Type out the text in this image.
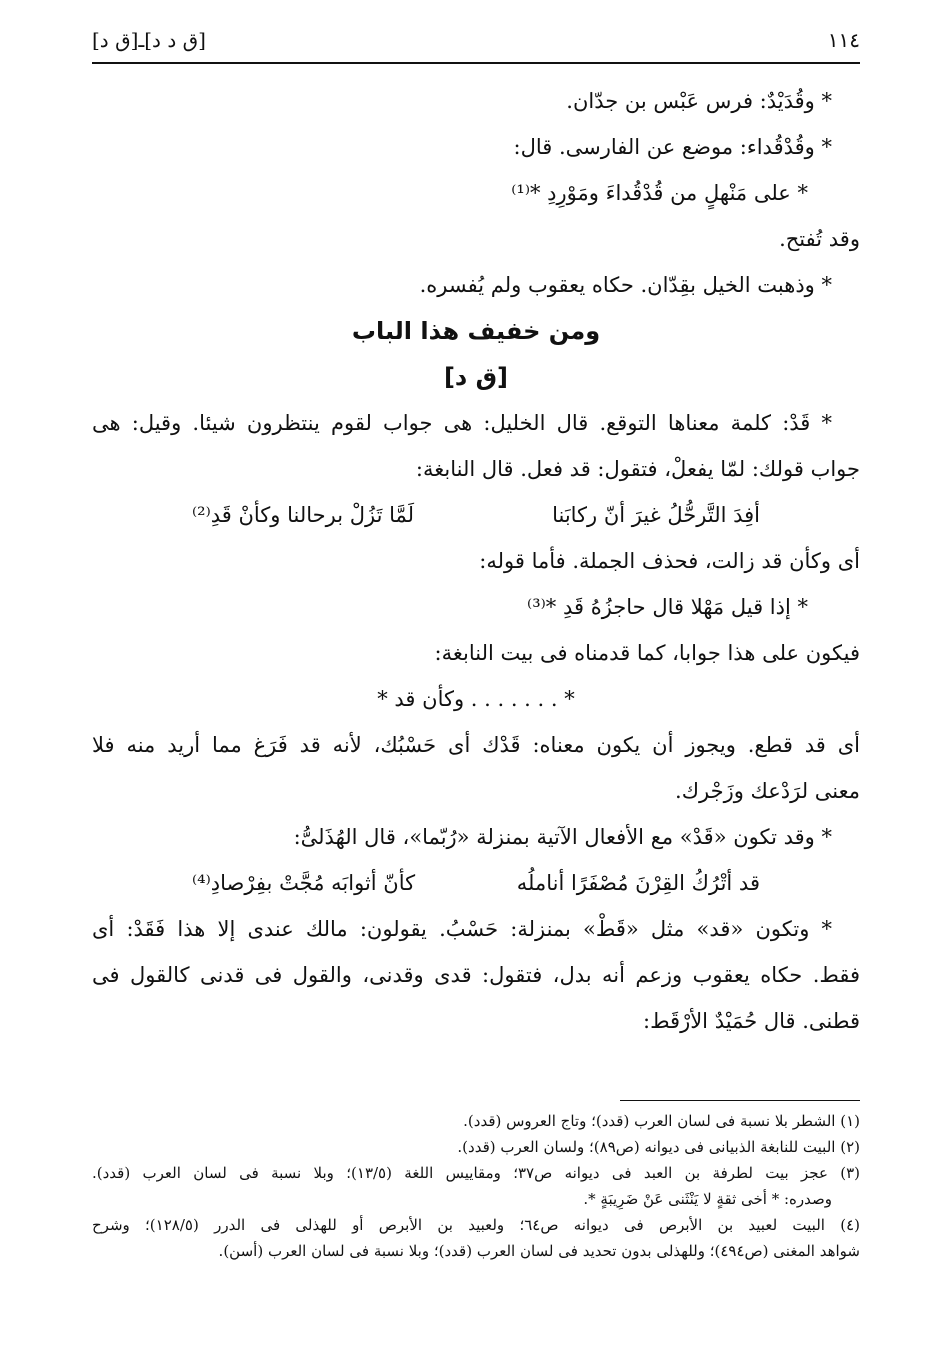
١١٤
[ق د د]ـ[ق د]
* وقُدَيْدٌ: فرس عَبْس بن جدّان.
* وقُدْقُداء: موضع عن الفارسى. قال:
* على مَنْهلٍ من قُدْقُداءَ ومَوْرِدِ *⁽¹⁾
وقد تُفتح.
* وذهبت الخيل بقِدّان. حكاه يعقوب ولم يُفسره.
ومن خفيف هذا الباب
[ق د]
* قَدْ: كلمة معناها التوقع. قال الخليل: هى جواب لقوم ينتظرون شيئا. وقيل: هى
جواب قولك: لمّا يفعلْ، فتقول: قد فعل. قال النابغة:
أفِدَ التَّرحُّلُ غيرَ أنّ ركابَنا
لَمَّا تَزُلْ برحالنا وكأنْ قَدِ⁽²⁾
أى وكأن قد زالت، فحذف الجملة. فأما قوله:
* إذا قيل مَهْلا قال حاجزُهُ قَدِ *⁽³⁾
فيكون على هذا جوابا، كما قدمناه فى بيت النابغة:
* . . . . . . . وكأن قد *
أى قد قطع. ويجوز أن يكون معناه: قَدْك أى حَسْبُك، لأنه قد فَرَغ مما أريد منه فلا
معنى لرَدْعك وزَجْرك.
* وقد تكون «قَدْ» مع الأفعال الآتية بمنزلة «رُبّما»، قال الهُذَلىُّ:
قد أتْرُكُ القِرْنَ مُصْفَرًا أناملُه
كأنّ أثوابَه مُجَّتْ بفِرْصادِ⁽⁴⁾
* وتكون «قد» مثل «قَطْ» بمنزلة: حَسْبُ. يقولون: مالك عندى إلا هذا فَقَدْ: أى
فقط. حكاه يعقوب وزعم أنه بدل، فتقول: قدى وقدنى، والقول فى قدنى كالقول فى
قطنى. قال حُمَيْدٌ الأرْقَط:
(١) الشطر بلا نسبة فى لسان العرب (قدد)؛ وتاج العروس (قدد).
(٢) البيت للنابغة الذبيانى فى ديوانه (ص٨٩)؛ ولسان العرب (قدد).
(٣) عجز بيت لطرفة بن العبد فى ديوانه ص٣٧؛ ومقاييس اللغة (١٣/٥)؛ وبلا نسبة فى لسان العرب (قدد).
وصدره: * أخى ثقةٍ لا يَنْثَنى عَنْ ضَرِيبَةٍ *.
(٤) البيت لعبيد بن الأبرص فى ديوانه ص٦٤؛ ولعبيد بن الأبرص أو للهذلى فى الدرر (١٢٨/٥)؛ وشرح
شواهد المغنى (ص٤٩٤)؛ وللهذلى بدون تحديد فى لسان العرب (قدد)؛ وبلا نسبة فى لسان العرب (أسن).
